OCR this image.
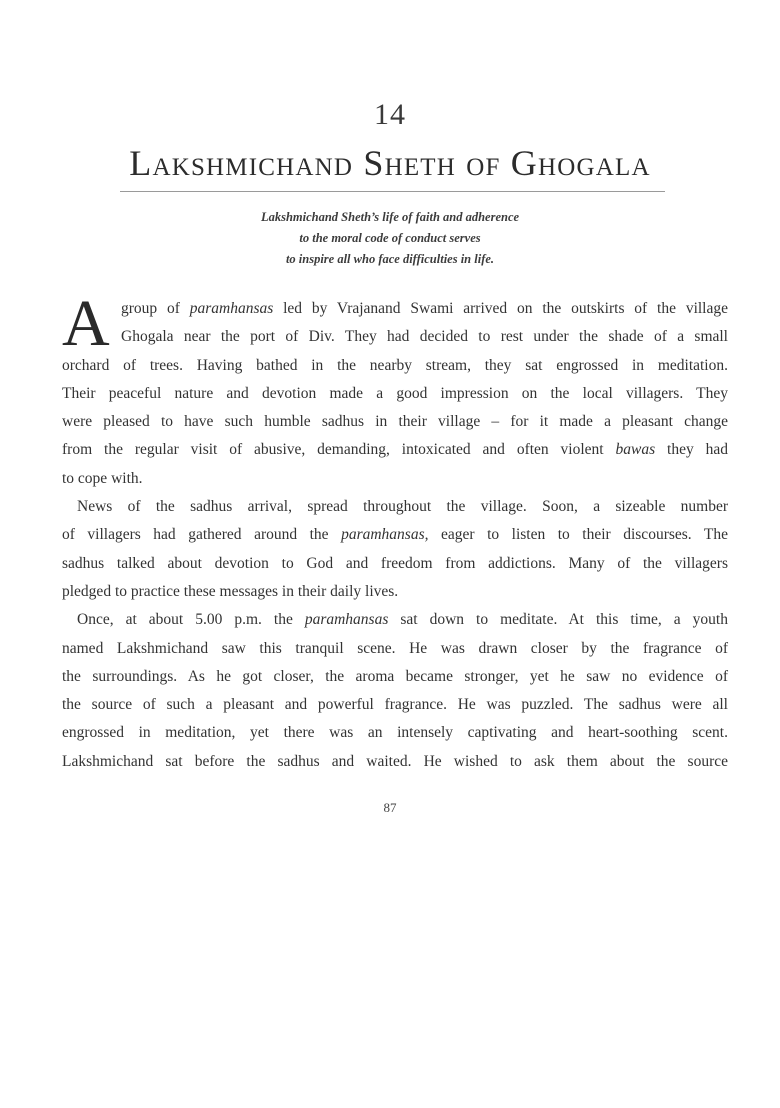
14
Lakshmichand Sheth of Ghogala
Lakshmichand Sheth’s life of faith and adherence
to the moral code of conduct serves
to inspire all who face difficulties in life.
A group of paramhansas led by Vrajanand Swami arrived on the outskirts of the village
Ghogala near the port of Div. They had decided to rest under the shade of a small
orchard of trees. Having bathed in the nearby stream, they sat engrossed in meditation.
Their peaceful nature and devotion made a good impression on the local villagers. They
were pleased to have such humble sadhus in their village – for it made a pleasant change
from the regular visit of abusive, demanding, intoxicated and often violent bawas they had
to cope with.
News of the sadhus arrival, spread throughout the village. Soon, a sizeable number
of villagers had gathered around the paramhansas, eager to listen to their discourses. The
sadhus talked about devotion to God and freedom from addictions. Many of the villagers
pledged to practice these messages in their daily lives.
Once, at about 5.00 p.m. the paramhansas sat down to meditate. At this time, a youth
named Lakshmichand saw this tranquil scene. He was drawn closer by the fragrance of
the surroundings. As he got closer, the aroma became stronger, yet he saw no evidence of
the source of such a pleasant and powerful fragrance. He was puzzled. The sadhus were all
engrossed in meditation, yet there was an intensely captivating and heart-soothing scent.
Lakshmichand sat before the sadhus and waited. He wished to ask them about the source
87
